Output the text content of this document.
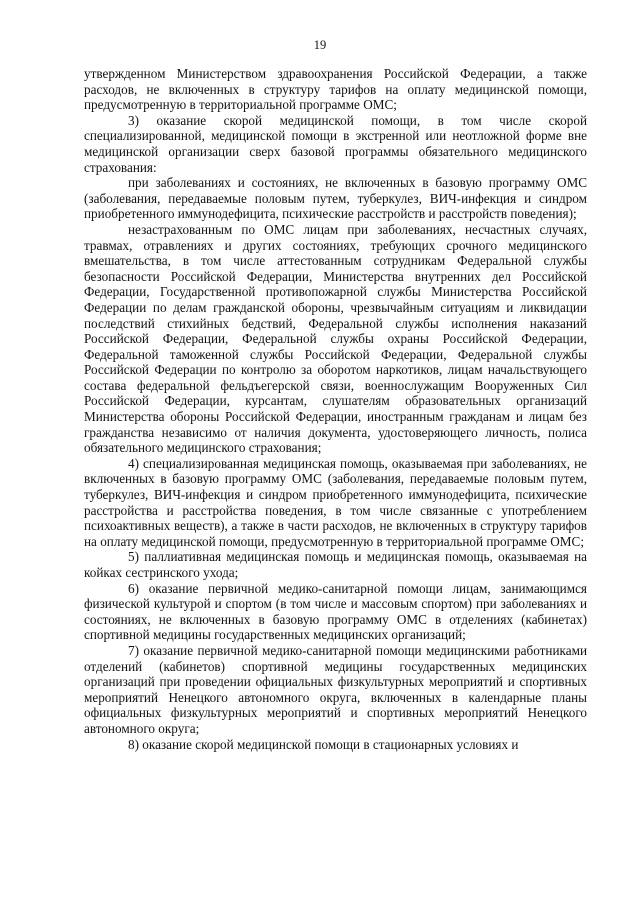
19

утвержденном Министерством здравоохранения Российской Федерации, а также расходов, не включенных в структуру тарифов на оплату медицинской помощи, предусмотренную в территориальной программе ОМС;

3) оказание скорой медицинской помощи, в том числе скорой специализированной, медицинской помощи в экстренной или неотложной форме вне медицинской организации сверх базовой программы обязательного медицинского страхования:

при заболеваниях и состояниях, не включенных в базовую программу ОМС (заболевания, передаваемые половым путем, туберкулез, ВИЧ-инфекция и синдром приобретенного иммунодефицита, психические расстройств и расстройств поведения);

незастрахованным по ОМС лицам при заболеваниях, несчастных случаях, травмах, отравлениях и других состояниях, требующих срочного медицинского вмешательства, в том числе аттестованным сотрудникам Федеральной службы безопасности Российской Федерации, Министерства внутренних дел Российской Федерации, Государственной противопожарной службы Министерства Российской Федерации по делам гражданской обороны, чрезвычайным ситуациям и ликвидации последствий стихийных бедствий, Федеральной службы исполнения наказаний Российской Федерации, Федеральной службы охраны Российской Федерации, Федеральной таможенной службы Российской Федерации, Федеральной службы Российской Федерации по контролю за оборотом наркотиков, лицам начальствующего состава федеральной фельдъегерской связи, военнослужащим Вооруженных Сил Российской Федерации, курсантам, слушателям образовательных организаций Министерства обороны Российской Федерации, иностранным гражданам и лицам без гражданства независимо от наличия документа, удостоверяющего личность, полиса обязательного медицинского страхования;

4) специализированная медицинская помощь, оказываемая при заболеваниях, не включенных в базовую программу ОМС (заболевания, передаваемые половым путем, туберкулез, ВИЧ-инфекция и синдром приобретенного иммунодефицита, психические расстройства и расстройства поведения, в том числе связанные с употреблением психоактивных веществ), а также в части расходов, не включенных в структуру тарифов на оплату медицинской помощи, предусмотренную в территориальной программе ОМС;

5) паллиативная медицинская помощь и медицинская помощь, оказываемая на койках сестринского ухода;

6) оказание первичной медико-санитарной помощи лицам, занимающимся физической культурой и спортом (в том числе и массовым спортом) при заболеваниях и состояниях, не включенных в базовую программу ОМС в отделениях (кабинетах) спортивной медицины государственных медицинских организаций;

7) оказание первичной медико-санитарной помощи медицинскими работниками отделений (кабинетов) спортивной медицины государственных медицинских организаций при проведении официальных физкультурных мероприятий и спортивных мероприятий Ненецкого автономного округа, включенных в календарные планы официальных физкультурных мероприятий и спортивных мероприятий Ненецкого автономного округа;

8) оказание скорой медицинской помощи в стационарных условиях и
